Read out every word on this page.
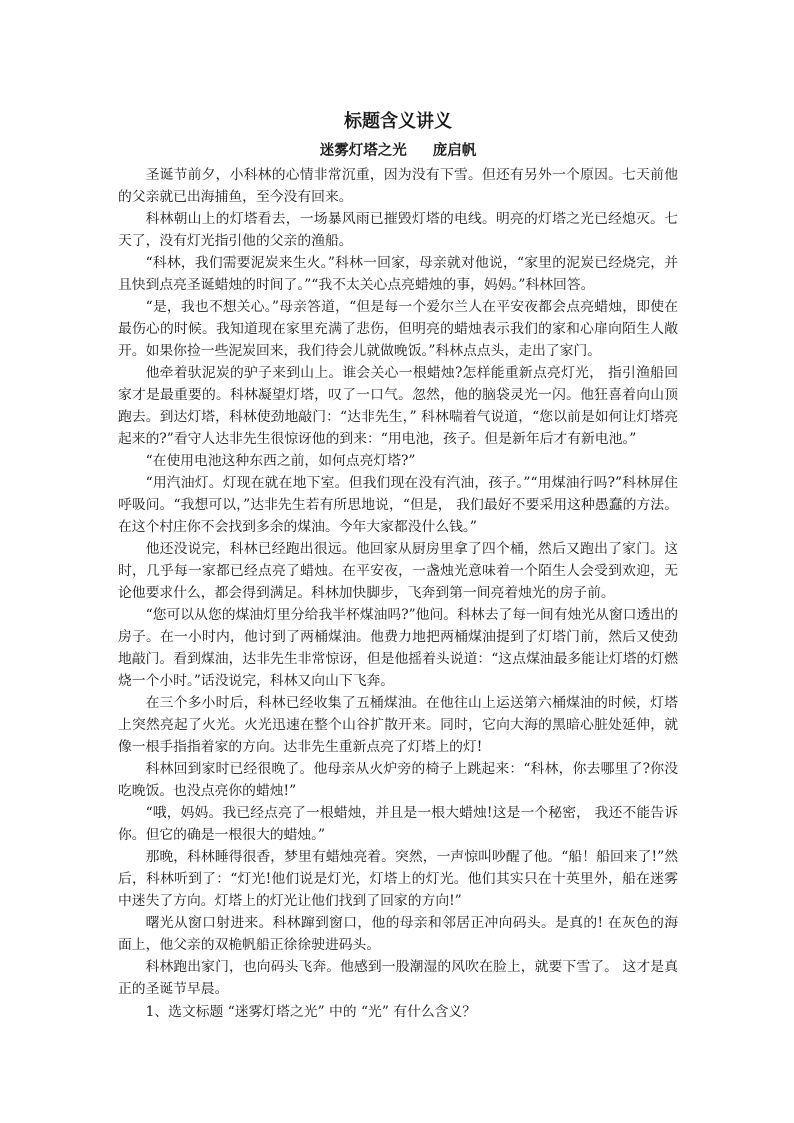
标题含义讲义
迷雾灯塔之光 庞启帆

圣诞节前夕，小科林的心情非常沉重，因为没有下雪。但还有另外一个原因。七天前他的父亲就已出海捕鱼，至今没有回来。

科林朝山上的灯塔看去，一场暴风雨已摧毁灯塔的电线。明亮的灯塔之光已经熄灭。七天了，没有灯光指引他的父亲的渔船。

“科林，我们需要泥炭来生火。”科林一回家，母亲就对他说，“家里的泥炭已经烧完，并且快到点亮圣诞蜡烛的时间了。”“我不太关心点亮蜡烛的事，妈妈。”科林回答。

“是，我也不想关心。”母亲答道，“但是每一个爱尔兰人在平安夜都会点亮蜡烛，即使在最伤心的时候。我知道现在家里充满了悲伤，但明亮的蜡烛表示我们的家和心扉向陌生人敞开。如果你捡一些泥炭回来，我们待会儿就做晚饭。”科林点点头，走出了家门。

他牵着驮泥炭的驴子来到山上。谁会关心一根蜡烛?怎样能重新点亮灯光， 指引渔船回家才是最重要的。科林凝望灯塔，叹了一口气。忽然，他的脑袋灵光一闪。他狂喜着向山顶跑去。到达灯塔，科林使劲地敲门：“达非先生，” 科林喘着气说道，“您以前是如何让灯塔亮起来的?”看守人达非先生很惊讶他的到来：“用电池，孩子。但是新年后才有新电池。”

“在使用电池这种东西之前，如何点亮灯塔?”

“用汽油灯。灯现在就在地下室。但我们现在没有汽油，孩子。”“用煤油行吗?”科林屏住呼吸问。“我想可以，”达非先生若有所思地说，“但是， 我们最好不要采用这种愚蠢的方法。在这个村庄你不会找到多余的煤油。今年大家都没什么钱。”

他还没说完，科林已经跑出很远。他回家从厨房里拿了四个桶，然后又跑出了家门。这时，几乎每一家都已经点亮了蜡烛。在平安夜，一盏烛光意味着一个陌生人会受到欢迎，无论他要求什么，都会得到满足。科林加快脚步，飞奔到第一间亮着烛光的房子前。

“您可以从您的煤油灯里分给我半杯煤油吗?”他问。科林去了每一间有烛光从窗口透出的房子。在一小时内，他讨到了两桶煤油。他费力地把两桶煤油提到了灯塔门前，然后又使劲地敲门。看到煤油，达非先生非常惊讶，但是他摇着头说道：“这点煤油最多能让灯塔的灯燃烧一个小时。”话没说完，科林又向山下飞奔。

在三个多小时后，科林已经收集了五桶煤油。在他往山上运送第六桶煤油的时候，灯塔上突然亮起了火光。火光迅速在整个山谷扩散开来。同时，它向大海的黑暗心脏处延伸，就像一根手指指着家的方向。达非先生重新点亮了灯塔上的灯!

科林回到家时已经很晚了。他母亲从火炉旁的椅子上跳起来：“科林，你去哪里了?你没吃晚饭。也没点亮你的蜡烛!”

“哦，妈妈。我已经点亮了一根蜡烛，并且是一根大蜡烛!这是一个秘密， 我还不能告诉你。但它的确是一根很大的蜡烛。”

那晚，科林睡得很香，梦里有蜡烛亮着。突然，一声惊叫吵醒了他。“船！船回来了!”然后，科林听到了：“灯光!他们说是灯光，灯塔上的灯光。他们其实只在十英里外，船在迷雾中迷失了方向。灯塔上的灯光让他们找到了回家的方向!”

曙光从窗口射进来。科林蹿到窗口，他的母亲和邻居正冲向码头。是真的! 在灰色的海面上，他父亲的双桅帆船正徐徐驶进码头。

科林跑出家门，也向码头飞奔。他感到一股潮湿的风吹在脸上，就要下雪了。 这才是真正的圣诞节早晨。

1、选文标题 “迷雾灯塔之光” 中的 “光” 有什么含义？
